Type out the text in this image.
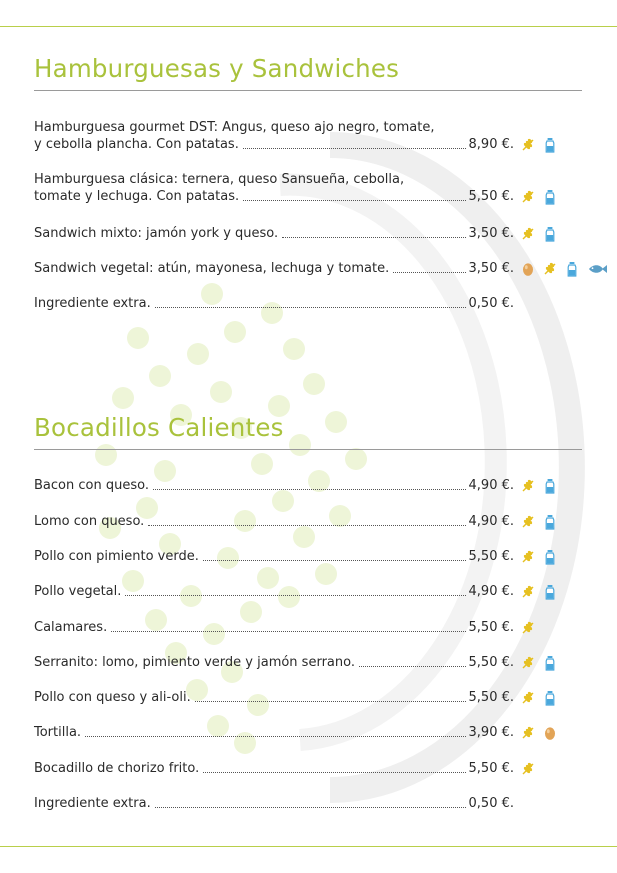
Hamburguesas y Sandwiches
Hamburguesa gourmet DST: Angus, queso ajo negro, tomate,
y cebolla plancha. Con patatas.	8,90 €.
Hamburguesa clásica: ternera, queso Sansueña, cebolla,
tomate y lechuga. Con patatas.	5,50 €.
Sandwich mixto: jamón york y queso.	3,50 €.
Sandwich vegetal: atún, mayonesa, lechuga y tomate.	3,50 €.
Ingrediente extra.	0,50 €.
Bocadillos Calientes
Bacon con queso.	4,90 €.
Lomo con queso.	4,90 €.
Pollo con pimiento verde.	5,50 €.
Pollo vegetal.	4,90 €.
Calamares.	5,50 €.
Serranito: lomo, pimiento verde y jamón serrano.	5,50 €.
Pollo con queso y ali-oli.	5,50 €.
Tortilla.	3,90 €.
Bocadillo de chorizo frito.	5,50 €.
Ingrediente extra.	0,50 €.
